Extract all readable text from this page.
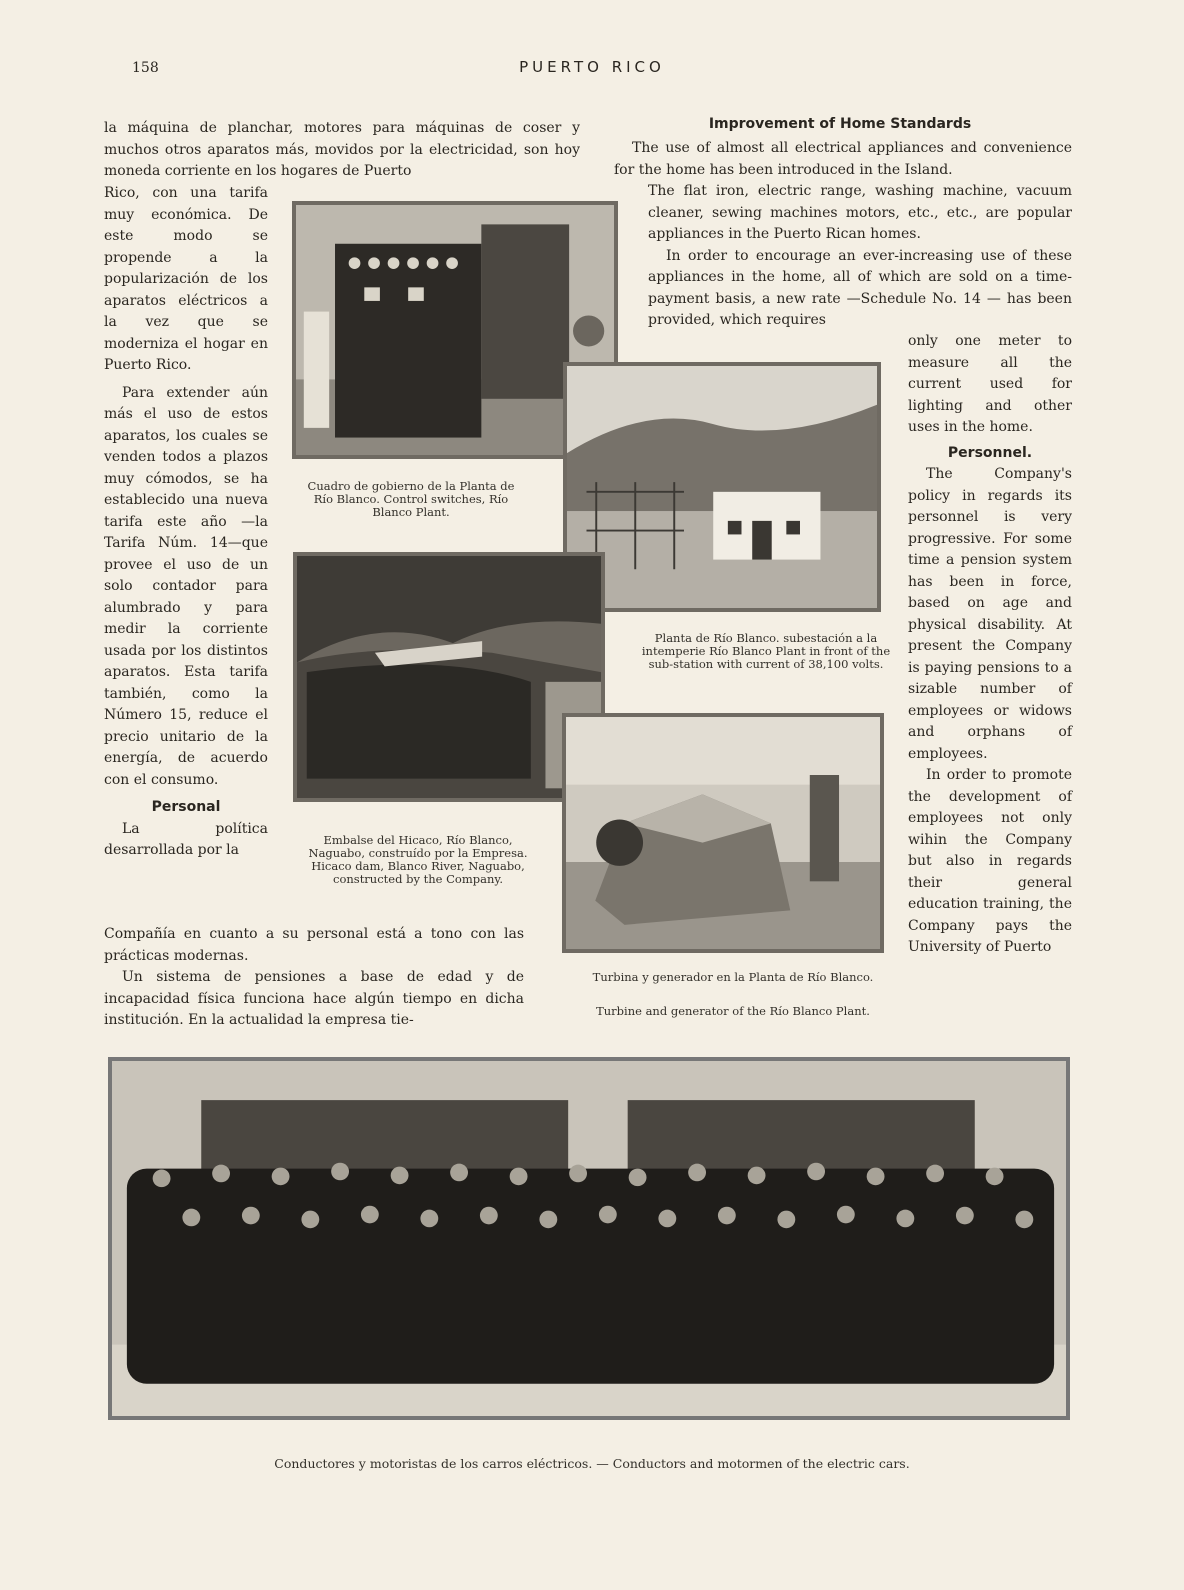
158	PUERTO RICO

la máquina de planchar, motores para máquinas de coser y muchos otros aparatos más, movidos por la electricidad, son hoy moneda corriente en los hogares de Puerto

Rico, con una tarifa muy económica. De este modo se propende a la popularización de los aparatos eléctricos a la vez que se moderniza el hogar en Puerto Rico.

Para extender aún más el uso de estos aparatos, los cuales se venden todos a plazos muy cómodos, se ha establecido una nueva tarifa este año —la Tarifa Núm. 14—que provee el uso de un solo contador para alumbrado y para medir la corriente usada por los distintos aparatos. Esta tarifa también, como la Número 15, reduce el precio unitario de la energía, de acuerdo con el consumo.

Personal

La política desarrollada por la

Compañía en cuanto a su personal está a tono con las prácticas modernas.

Un sistema de pensiones a base de edad y de incapacidad física funciona hace algún tiempo en dicha institución. En la actualidad la empresa tie-

Improvement of Home Standards

The use of almost all electrical appliances and convenience for the home has been introduced in the Island.

The flat iron, electric range, washing machine, vacuum cleaner, sewing machines motors, etc., etc., are popular appliances in the Puerto Rican homes.

In order to encourage an ever-increasing use of these appliances in the home, all of which are sold on a time-payment basis, a new rate —Schedule No. 14 — has been provided, which requires

only one meter to measure all the current used for lighting and other uses in the home.

Personnel.

The Company's policy in regards its personnel is very progressive. For some time a pension system has been in force, based on age and physical disability. At present the Company is paying pensions to a sizable number of employees or widows and orphans of employees.

In order to promote the development of employees not only wihin the Company but also in regards their general education training, the Company pays the University of Puerto

Cuadro de gobierno de la Planta de Río Blanco. Control switches, Río Blanco Plant.
Planta de Río Blanco. subestación a la intemperie Río Blanco Plant in front of the sub-station with current of 38,100 volts.
Embalse del Hicaco, Río Blanco, Naguabo, construído por la Empresa. Hicaco dam, Blanco River, Naguabo, constructed by the Company.
Turbina y generador en la Planta de Río Blanco.
Turbine and generator of the Río Blanco Plant.
Conductores y motoristas de los carros eléctricos. — Conductors and motormen of the electric cars.
